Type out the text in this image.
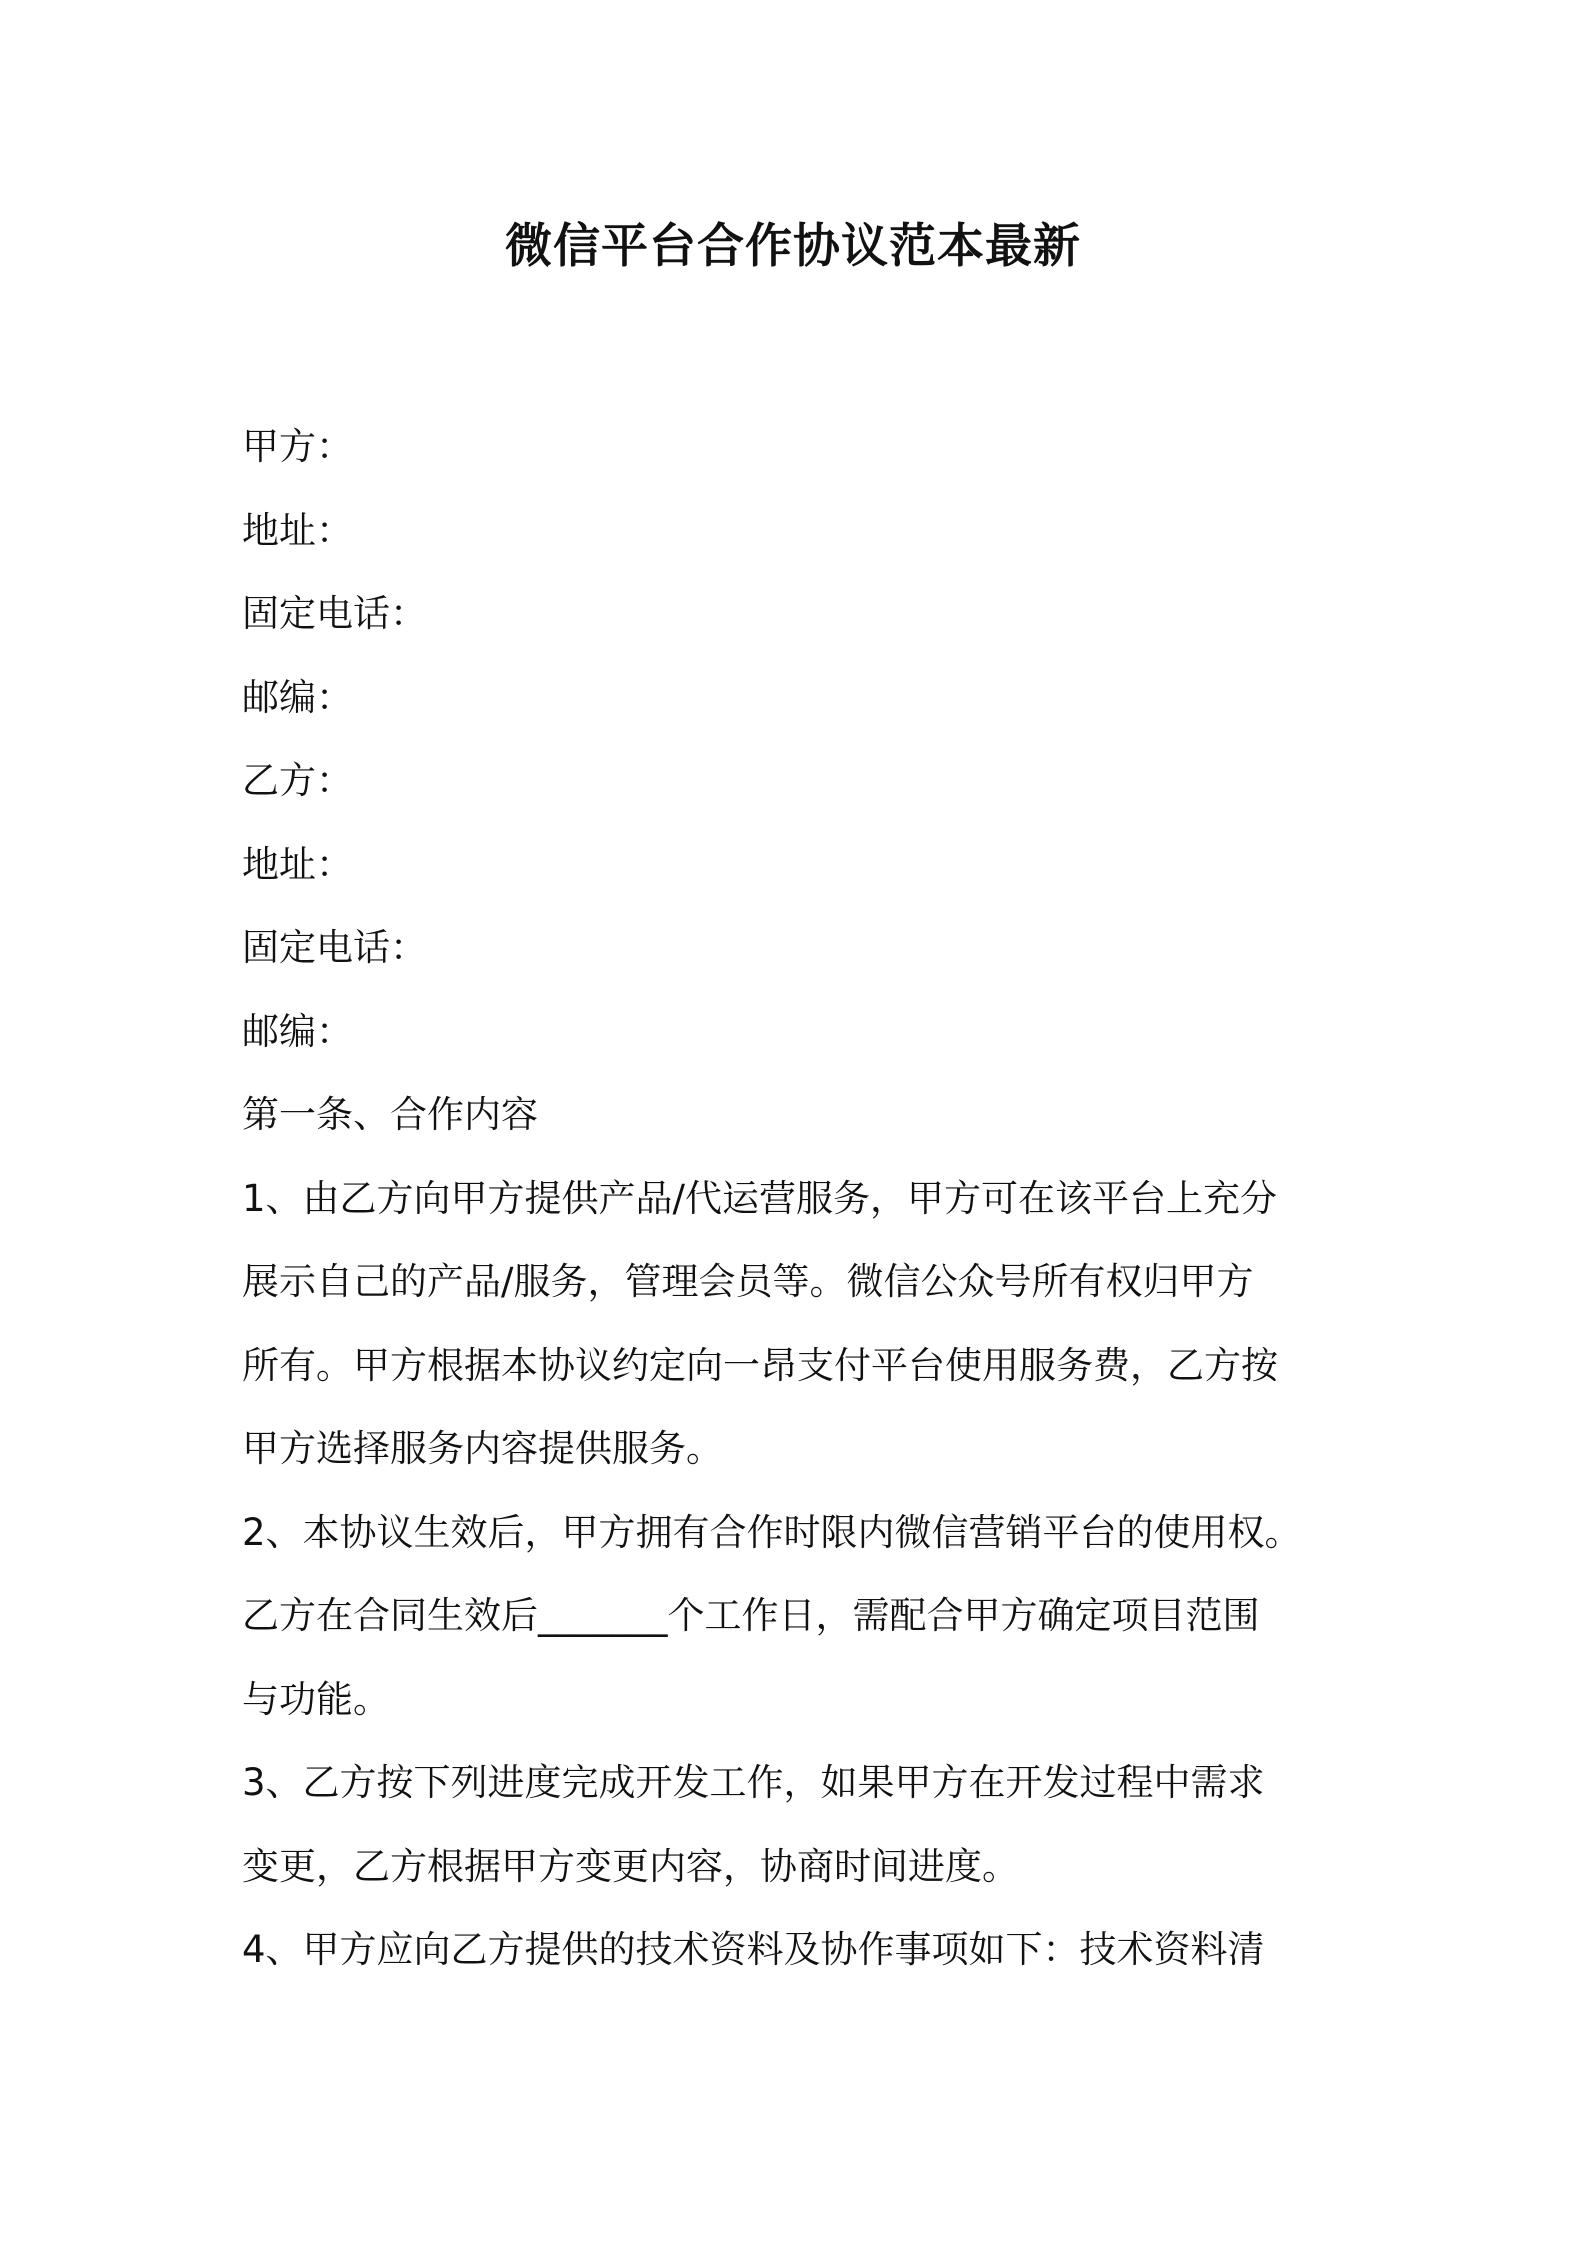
微信平台合作协议范本最新
甲方：
地址：
固定电话：
邮编：
乙方：
地址：
固定电话：
邮编：
第一条、合作内容
1、由乙方向甲方提供产品/代运营服务，甲方可在该平台上充分
展示自己的产品/服务，管理会员等。微信公众号所有权归甲方
所有。甲方根据本协议约定向一昂支付平台使用服务费，乙方按
甲方选择服务内容提供服务。
2、本协议生效后，甲方拥有合作时限内微信营销平台的使用权。
乙方在合同生效后_______个工作日，需配合甲方确定项目范围
与功能。
3、乙方按下列进度完成开发工作，如果甲方在开发过程中需求
变更，乙方根据甲方变更内容，协商时间进度。
4、甲方应向乙方提供的技术资料及协作事项如下：技术资料清
